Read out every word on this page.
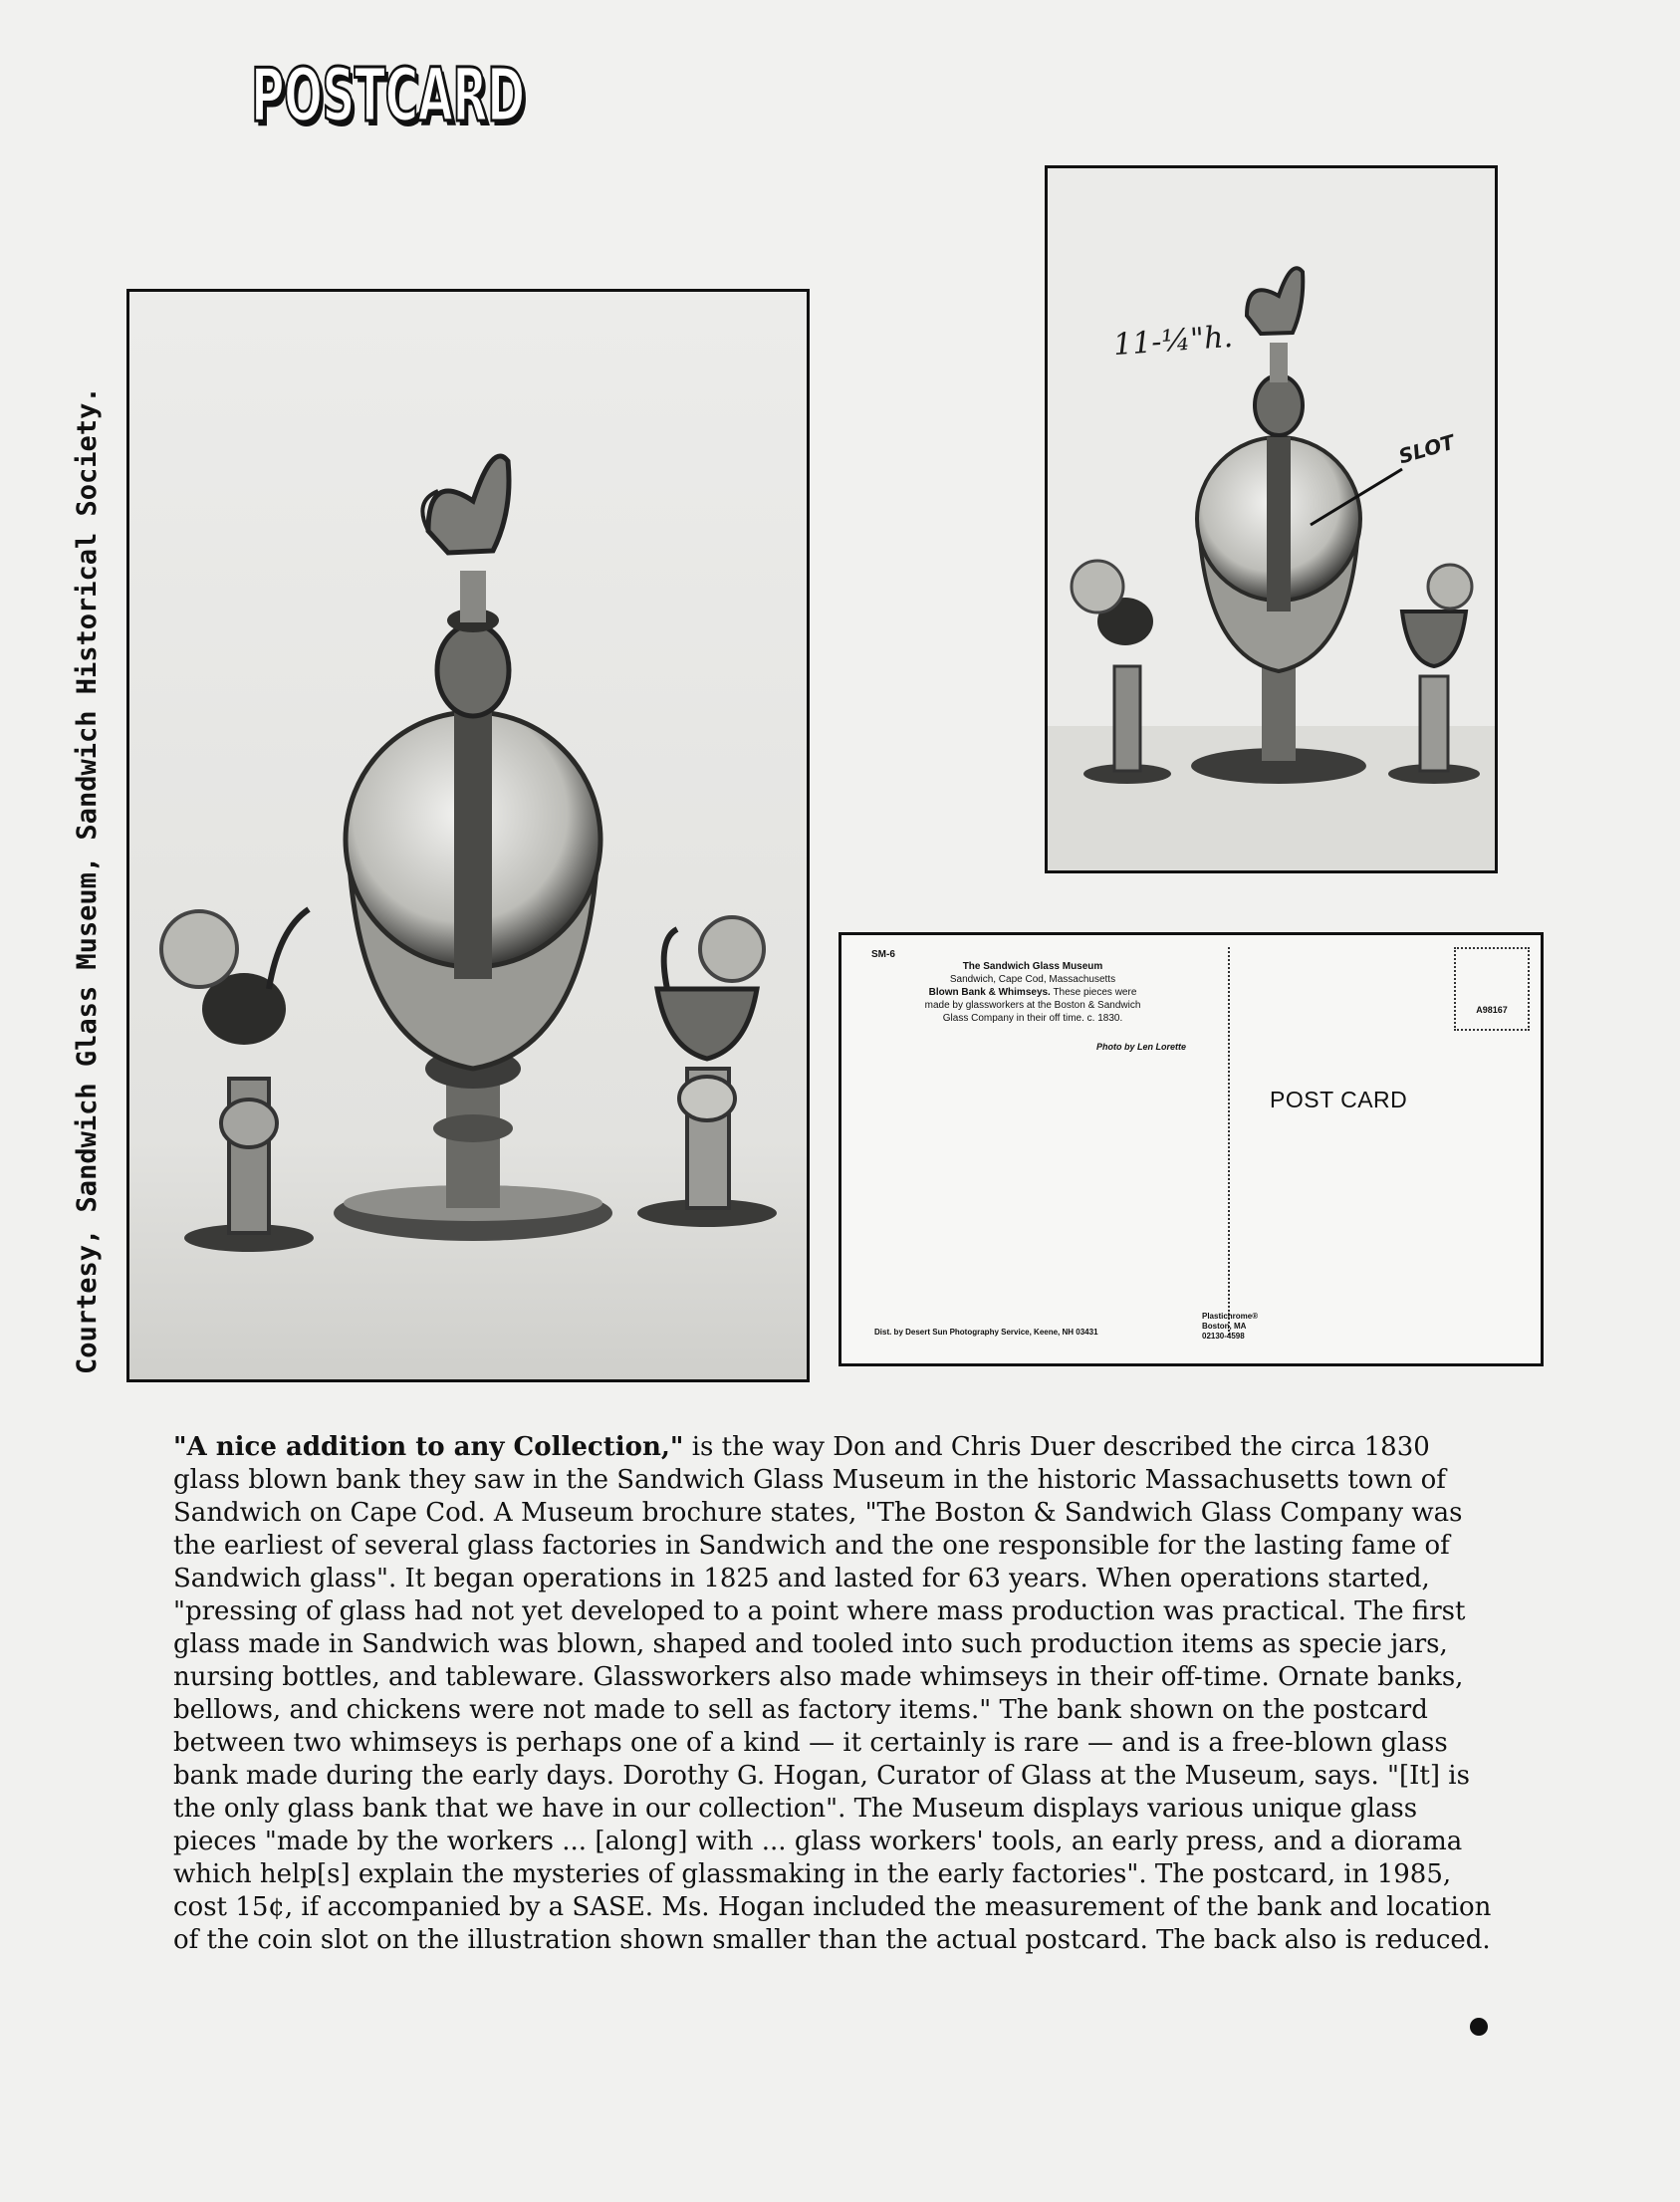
POSTCARD
Courtesy, Sandwich Glass Museum, Sandwich Historical Society.
11-¼"h.
SLOT
SM-6
The Sandwich Glass Museum
Sandwich, Cape Cod, Massachusetts
Blown Bank & Whimseys. These pieces were
made by glassworkers at the Boston & Sandwich
Glass Company in their off time. c. 1830.
Photo by Len Lorette
A98167
POST CARD
Dist. by Desert Sun Photography Service, Keene, NH 03431
Plastichrome®
Boston, MA
02130-4598

"A nice addition to any Collection," is the way Don and Chris Duer described the circa 1830 glass blown bank they saw in the Sandwich Glass Museum in the historic Massachusetts town of Sandwich on Cape Cod. A Museum brochure states, "The Boston & Sandwich Glass Company was the earliest of several glass factories in Sandwich and the one responsible for the lasting fame of Sandwich glass". It began operations in 1825 and lasted for 63 years. When operations started, "pressing of glass had not yet developed to a point where mass production was practical. The first glass made in Sandwich was blown, shaped and tooled into such production items as specie jars, nursing bottles, and tableware. Glassworkers also made whimseys in their off-time. Ornate banks, bellows, and chickens were not made to sell as factory items." The bank shown on the postcard between two whimseys is perhaps one of a kind — it certainly is rare — and is a free-blown glass bank made during the early days. Dorothy G. Hogan, Curator of Glass at the Museum, says. "[It] is the only glass bank that we have in our collection". The Museum displays various unique glass pieces "made by the workers ... [along] with ... glass workers' tools, an early press, and a diorama which help[s] explain the mysteries of glassmaking in the early factories". The postcard, in 1985, cost 15¢, if accompanied by a SASE. Ms. Hogan included the measurement of the bank and location of the coin slot on the illustration shown smaller than the actual postcard. The back also is reduced.
